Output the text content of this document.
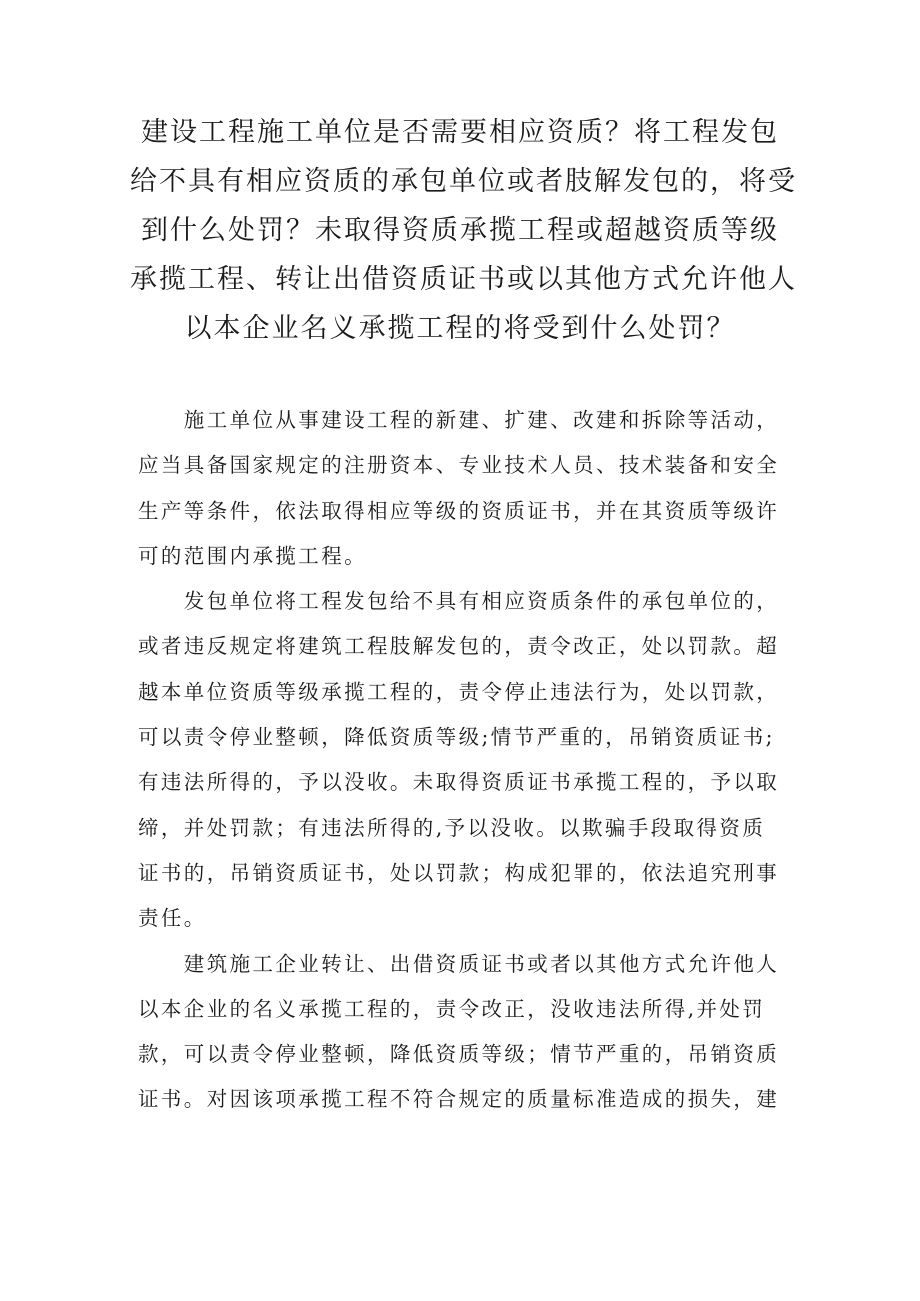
建设工程施工单位是否需要相应资质？将工程发包
给不具有相应资质的承包单位或者肢解发包的，将受
到什么处罚？未取得资质承揽工程或超越资质等级
承揽工程、转让出借资质证书或以其他方式允许他人
以本企业名义承揽工程的将受到什么处罚？
　　施工单位从事建设工程的新建、扩建、改建和拆除等活动，
应当具备国家规定的注册资本、专业技术人员、技术装备和安全
生产等条件，依法取得相应等级的资质证书，并在其资质等级许
可的范围内承揽工程。
　　发包单位将工程发包给不具有相应资质条件的承包单位的，
或者违反规定将建筑工程肢解发包的，责令改正，处以罚款。超
越本单位资质等级承揽工程的，责令停止违法行为，处以罚款，
可以责令停业整顿，降低资质等级;情节严重的，吊销资质证书;
有违法所得的，予以没收。未取得资质证书承揽工程的，予以取
缔，并处罚款；有违法所得的,予以没收。以欺骗手段取得资质
证书的，吊销资质证书，处以罚款；构成犯罪的，依法追究刑事
责任。
　　建筑施工企业转让、出借资质证书或者以其他方式允许他人
以本企业的名义承揽工程的，责令改正，没收违法所得,并处罚
款，可以责令停业整顿，降低资质等级；情节严重的，吊销资质
证书。对因该项承揽工程不符合规定的质量标准造成的损失，建
